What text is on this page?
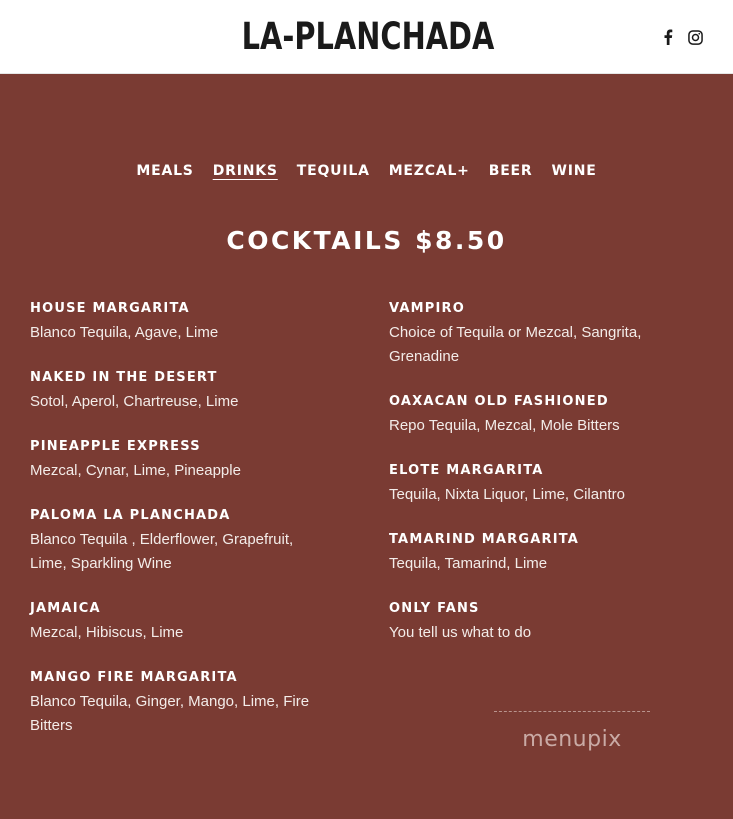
LA-PLANCHADA
MEALS DRINKS TEQUILA MEZCAL+ BEER WINE
COCKTAILS $8.50
HOUSE MARGARITA
Blanco Tequila, Agave, Lime
NAKED IN THE DESERT
Sotol, Aperol, Chartreuse, Lime
PINEAPPLE EXPRESS
Mezcal, Cynar, Lime, Pineapple
PALOMA LA PLANCHADA
Blanco Tequila , Elderflower, Grapefruit, Lime, Sparkling Wine
JAMAICA
Mezcal, Hibiscus, Lime
MANGO FIRE MARGARITA
Blanco Tequila, Ginger, Mango, Lime, Fire Bitters
VAMPIRO
Choice of Tequila or Mezcal, Sangrita, Grenadine
OAXACAN OLD FASHIONED
Repo Tequila, Mezcal, Mole Bitters
ELOTE MARGARITA
Tequila, Nixta Liquor, Lime, Cilantro
TAMARIND MARGARITA
Tequila, Tamarind, Lime
ONLY FANS
You tell us what to do
menupix
